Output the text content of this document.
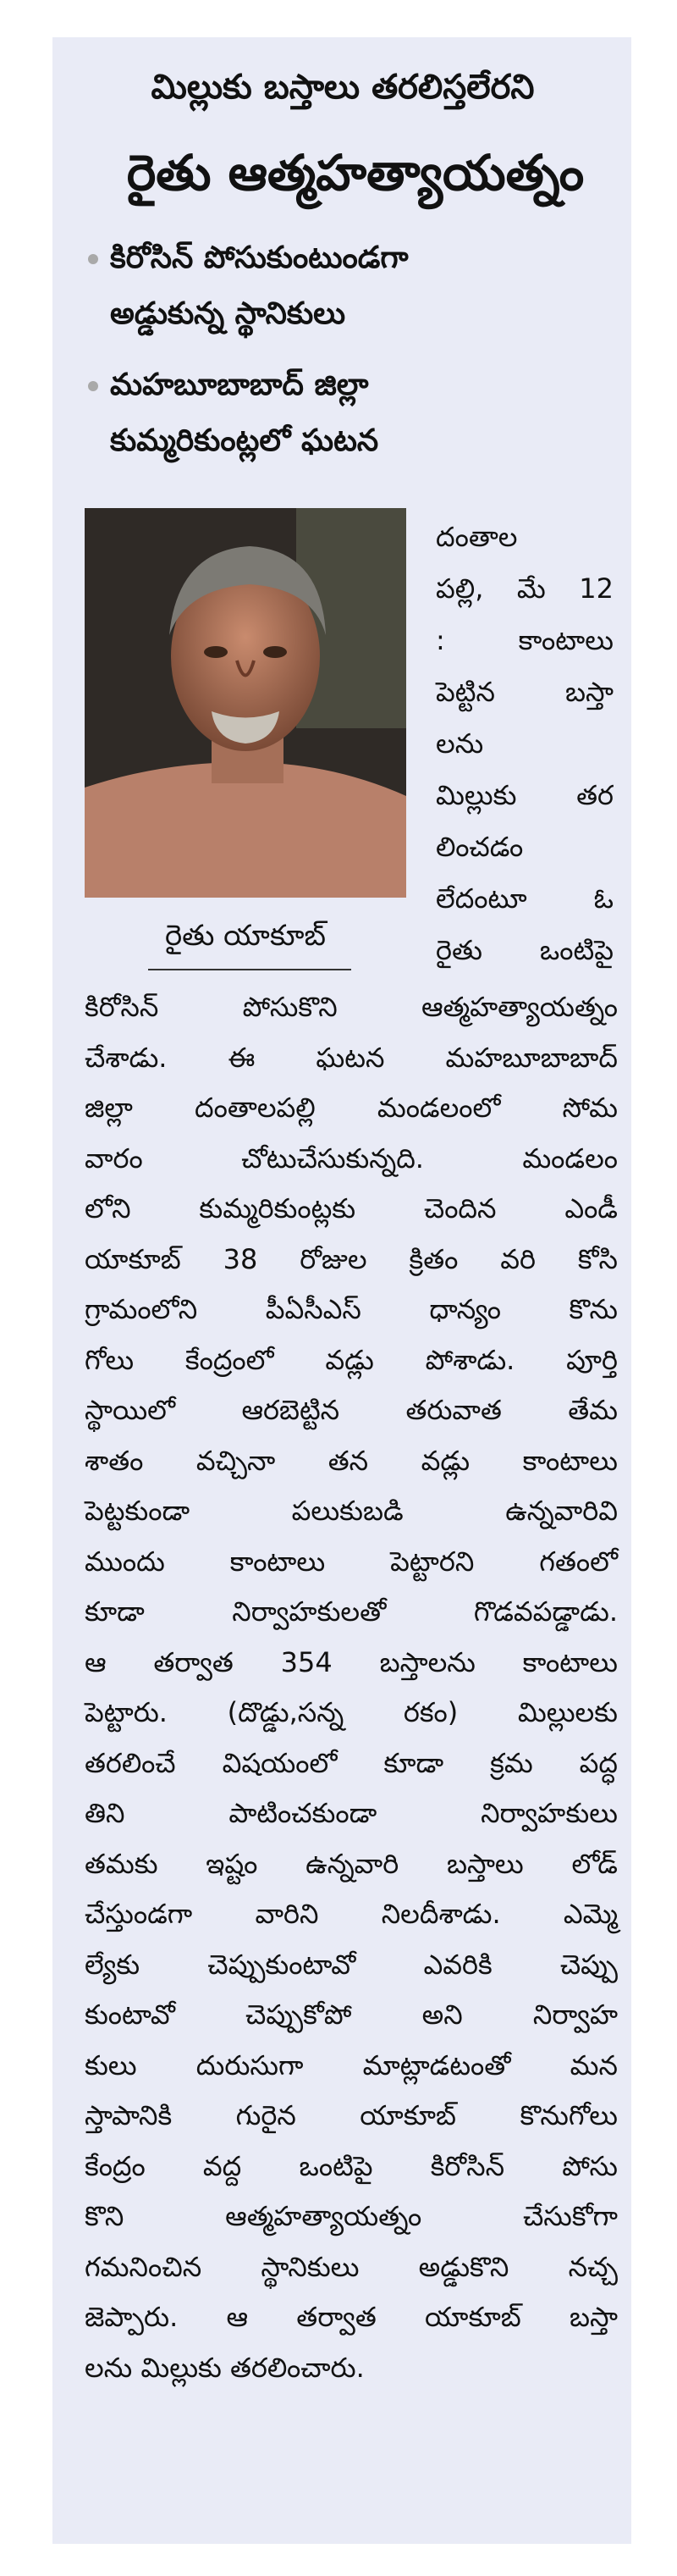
మిల్లుకు బస్తాలు తరలిస్తలేరని
రైతు ఆత్మహత్యాయత్నం
కిరోసిన్ పోసుకుంటుండగా
అడ్డుకున్న స్థానికులు
మహబూబాబాద్ జిల్లా
కుమ్మరికుంట్లలో ఘటన
రైతు యాకూబ్
దంతాల
పల్లి, మే 12
: కాంటాలు
పెట్టిన బస్తా
లను
మిల్లుకు తర
లించడం
లేదంటూ ఓ
రైతు ఒంటిపై
కిరోసిన్ పోసుకొని ఆత్మహత్యాయత్నం
చేశాడు. ఈ ఘటన మహబూబాబాద్
జిల్లా దంతాలపల్లి మండలంలో సోమ
వారం చోటుచేసుకున్నది. మండలం
లోని కుమ్మరికుంట్లకు చెందిన ఎండీ
యాకూబ్ 38 రోజుల క్రితం వరి కోసి
గ్రామంలోని పీఏసీఎస్ ధాన్యం కొను
గోలు కేంద్రంలో వడ్లు పోశాడు. పూర్తి
స్థాయిలో ఆరబెట్టిన తరువాత తేమ
శాతం వచ్చినా తన వడ్లు కాంటాలు
పెట్టకుండా పలుకుబడి ఉన్నవారివి
ముందు కాంటాలు పెట్టారని గతంలో
కూడా నిర్వాహకులతో గొడవపడ్డాడు.
ఆ తర్వాత 354 బస్తాలను కాంటాలు
పెట్టారు. (దొడ్డు,సన్న రకం) మిల్లులకు
తరలించే విషయంలో కూడా క్రమ పద్ధ
తిని పాటించకుండా నిర్వాహకులు
తమకు ఇష్టం ఉన్నవారి బస్తాలు లోడ్
చేస్తుండగా వారిని నిలదీశాడు. ఎమ్మె
ల్యేకు చెప్పుకుంటావో ఎవరికి చెప్పు
కుంటావో చెప్పుకోపో అని నిర్వాహ
కులు దురుసుగా మాట్లాడటంతో మన
స్తాపానికి గురైన యాకూబ్ కొనుగోలు
కేంద్రం వద్ద ఒంటిపై కిరోసిన్ పోసు
కొని ఆత్మహత్యాయత్నం చేసుకోగా
గమనించిన స్థానికులు అడ్డుకొని నచ్చ
జెప్పారు. ఆ తర్వాత యాకూబ్ బస్తా
లను మిల్లుకు తరలించారు.
